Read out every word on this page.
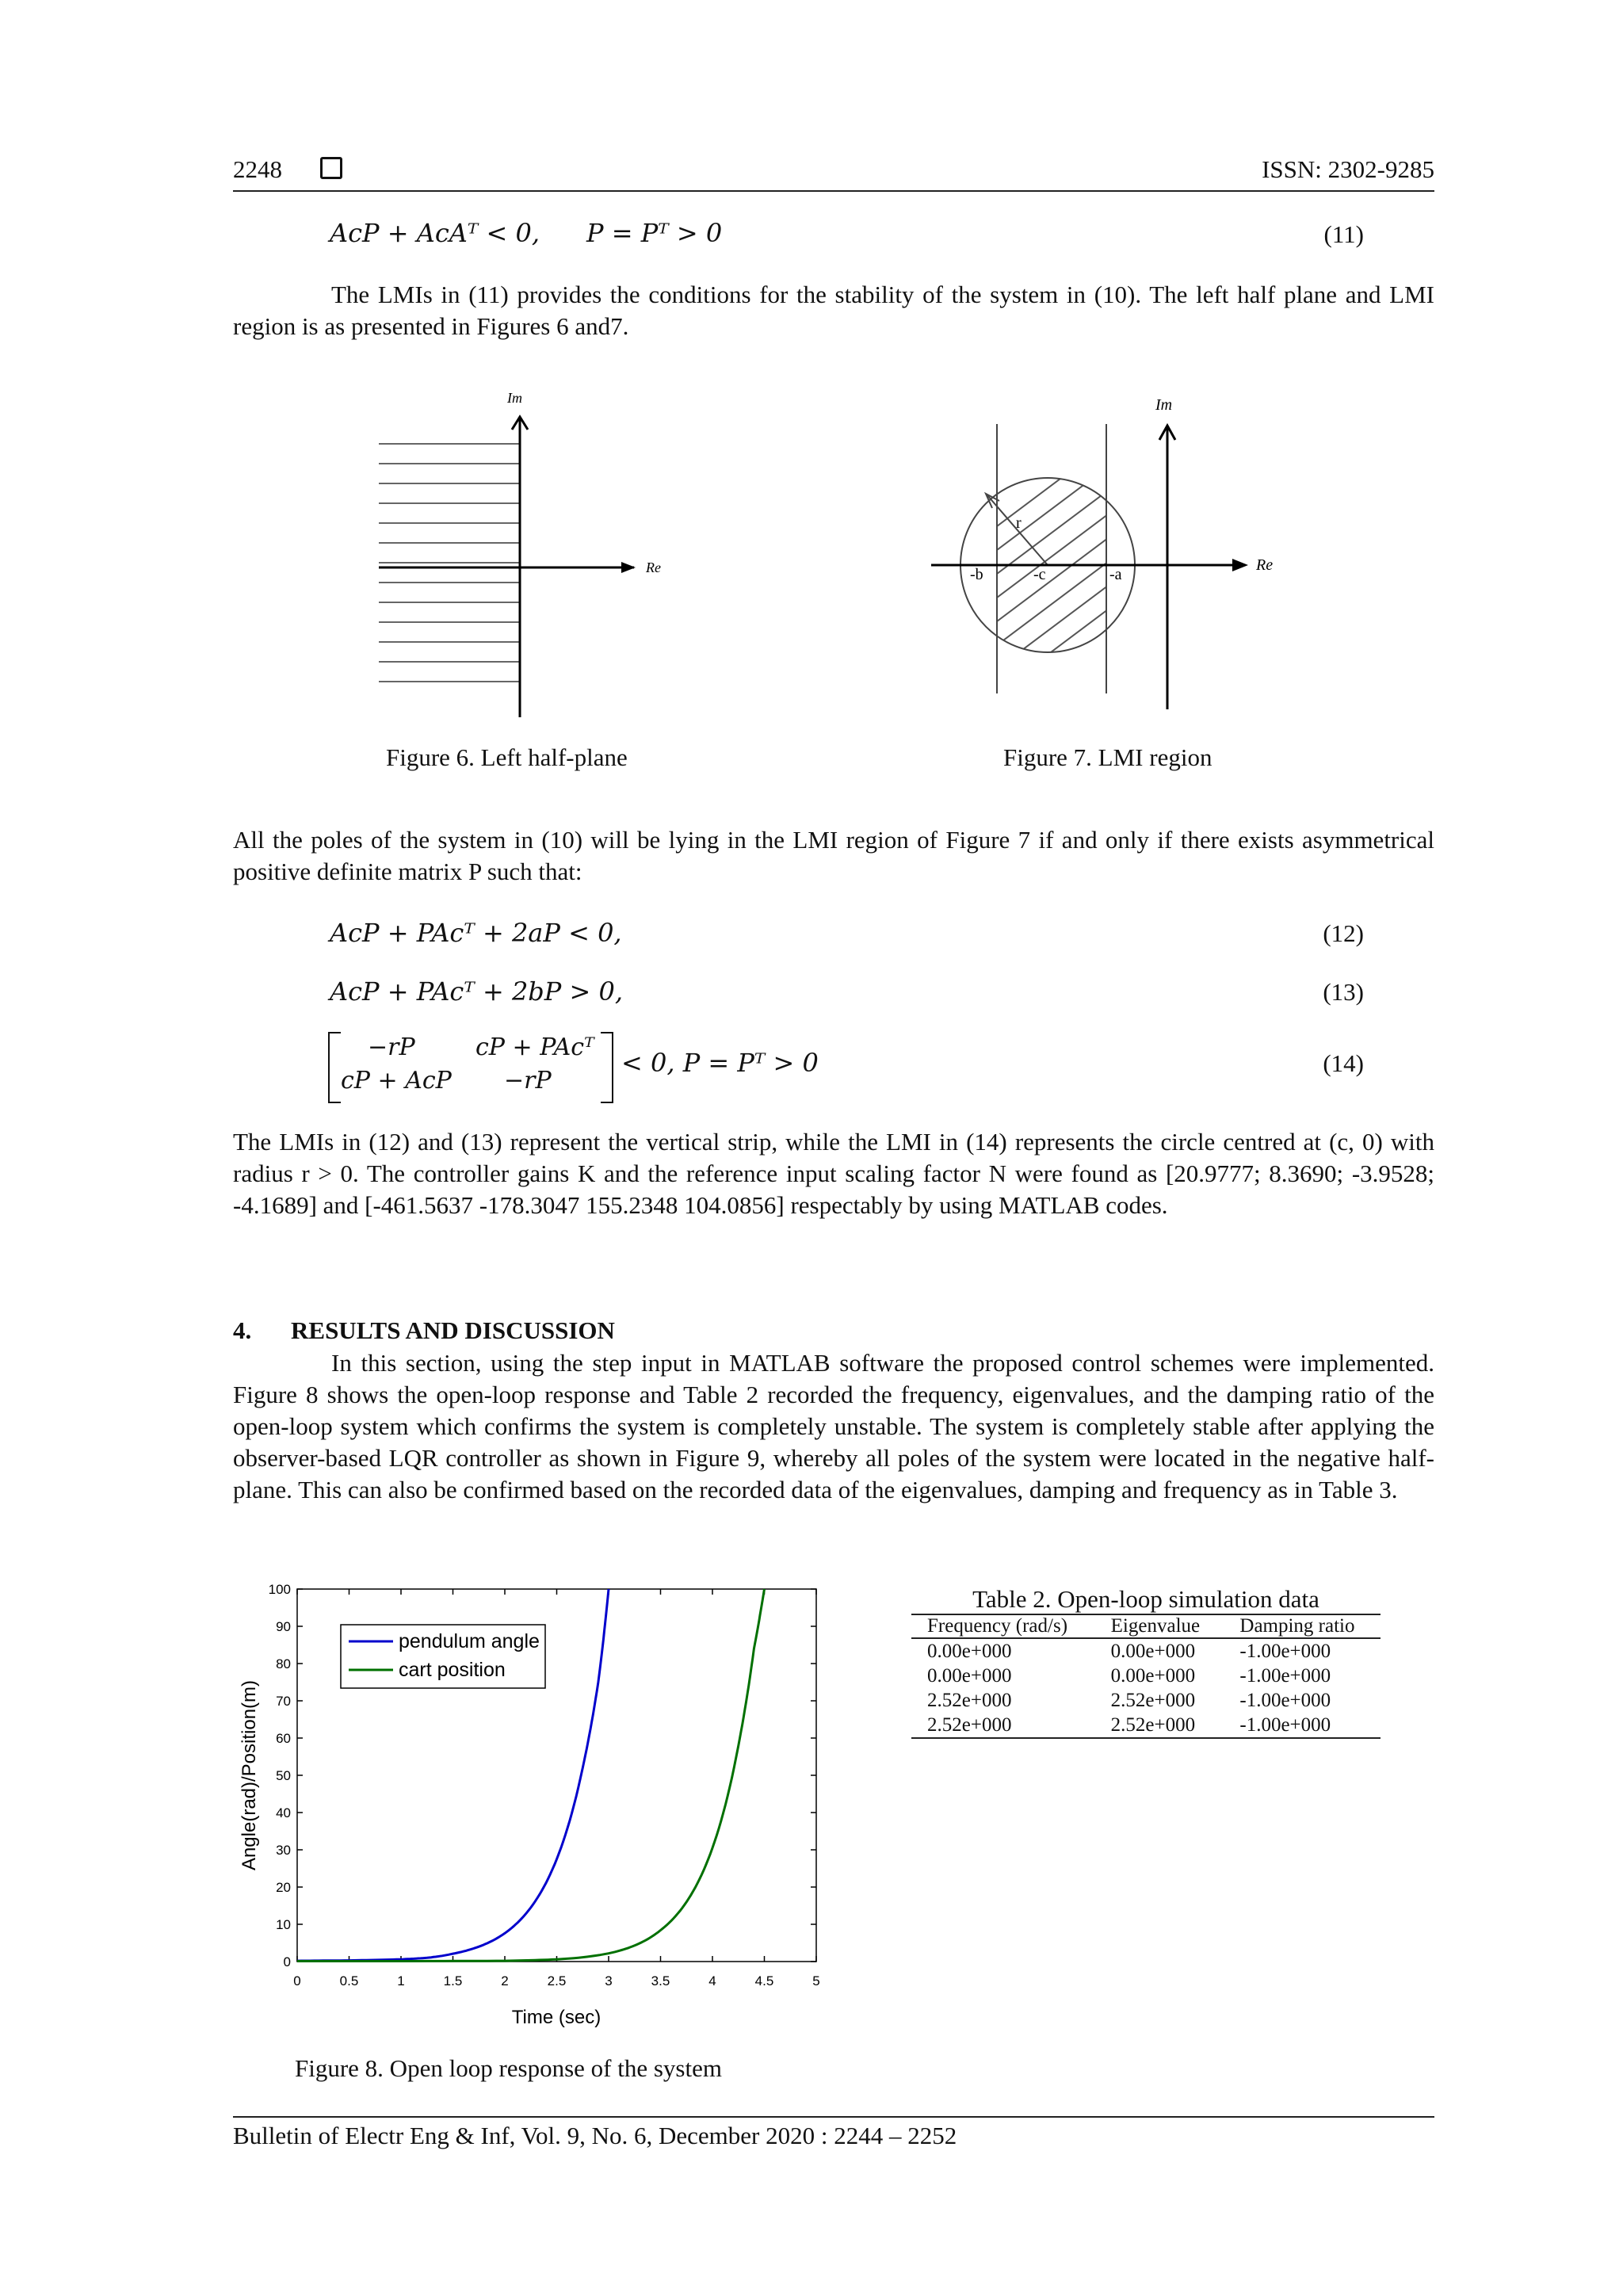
2248	ISSN: 2302-9285
AcP + AcAᵀ < 0, P = Pᵀ > 0	(11)

The LMIs in (11) provides the conditions for the stability of the system in (10). The left half plane and LMI region is as presented in Figures 6 and7.

Im
Re
Figure 6. Left half-plane
Im
Re
r
-b	-c	-a
Figure 7. LMI region

All the poles of the system in (10) will be lying in the LMI region of Figure 7 if and only if there exists asymmetrical positive definite matrix P such that:

AcP + PAcᵀ + 2aP < 0,	(12)
AcP + PAcᵀ + 2bP > 0,	(13)
−rP	cP + PAcᵀ
cP + AcP −rP
< 0, P = Pᵀ > 0	(14)

The LMIs in (12) and (13) represent the vertical strip, while the LMI in (14) represents the circle centred at (c, 0) with radius r > 0. The controller gains K and the reference input scaling factor N were found as [20.9777; 8.3690; -3.9528; -4.1689] and [-461.5637 -178.3047 155.2348 104.0856] respectably by using MATLAB codes.

4. RESULTS AND DISCUSSION

In this section, using the step input in MATLAB software the proposed control schemes were implemented. Figure 8 shows the open-loop response and Table 2 recorded the frequency, eigenvalues, and the damping ratio of the open-loop system which confirms the system is completely unstable. The system is completely stable after applying the observer-based LQR controller as shown in Figure 9, whereby all poles of the system were located in the negative half-plane. This can also be confirmed based on the recorded data of the eigenvalues, damping and frequency as in Table 3.

0
10
20
30
40
50
60
70
80
90
100
0	0.5	1	1.5	2	2.5	3	3.5	4	4.5	5
Time (sec)
Angle(rad)/Position(m)
pendulum angle
cart position
Figure 8. Open loop response of the system
Table 2. Open-loop simulation data
Frequency (rad/s)	Eigenvalue	Damping ratio
0.00e+000	0.00e+000	-1.00e+000
0.00e+000	0.00e+000	-1.00e+000
2.52e+000	2.52e+000	-1.00e+000
2.52e+000	2.52e+000	-1.00e+000
Bulletin of Electr Eng & Inf, Vol. 9, No. 6, December 2020 : 2244 – 2252
